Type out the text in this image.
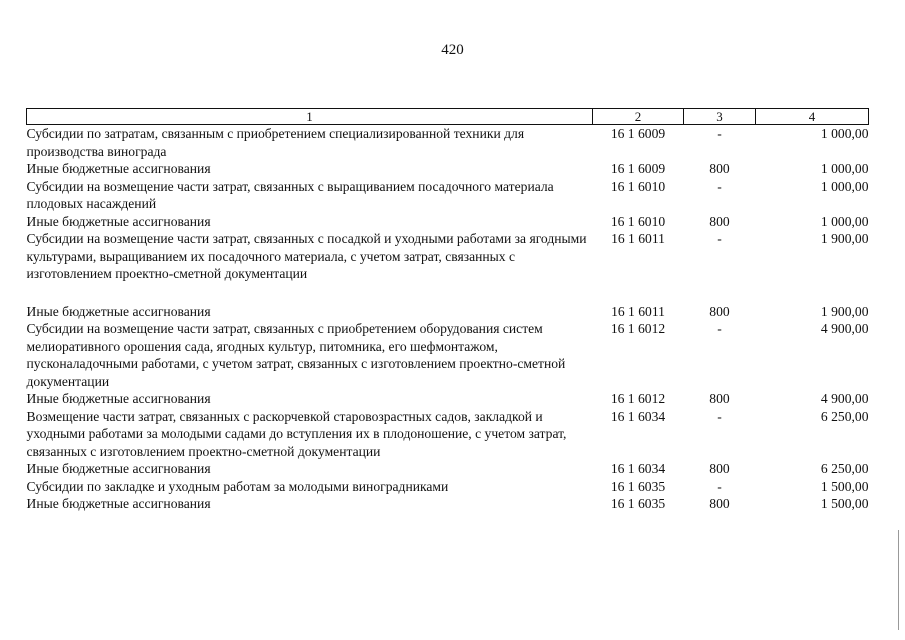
420
1	2	3	4
Субсидии по затратам, связанным с приобретением специализированной техники для производства винограда	16 1 6009	-	1 000,00
Иные бюджетные ассигнования	16 1 6009	800	1 000,00
Субсидии на возмещение части затрат, связанных с выращиванием посадочного материала плодовых насаждений	16 1 6010	-	1 000,00
Иные бюджетные ассигнования	16 1 6010	800	1 000,00
Субсидии на возмещение части затрат, связанных с посадкой и уходными работами за ягодными культурами, выращиванием их посадочного материала, с учетом затрат, связанных с изготовлением проектно-сметной документации	16 1 6011	-	1 900,00
Иные бюджетные ассигнования	16 1 6011	800	1 900,00
Субсидии на возмещение части затрат, связанных с приобретением оборудования систем мелиоративного орошения сада, ягодных культур, питомника, его шефмонтажом, пусконаладочными работами, с учетом затрат, связанных с изготовлением проектно-сметной документации	16 1 6012	-	4 900,00
Иные бюджетные ассигнования	16 1 6012	800	4 900,00
Возмещение части затрат, связанных с раскорчевкой старовозрастных садов, закладкой и уходными работами за молодыми садами до вступления их в плодоношение, с учетом затрат, связанных с изготовлением проектно-сметной документации	16 1 6034	-	6 250,00
Иные бюджетные ассигнования	16 1 6034	800	6 250,00
Субсидии по закладке и уходным работам за молодыми виноградниками	16 1 6035	-	1 500,00
Иные бюджетные ассигнования	16 1 6035	800	1 500,00
